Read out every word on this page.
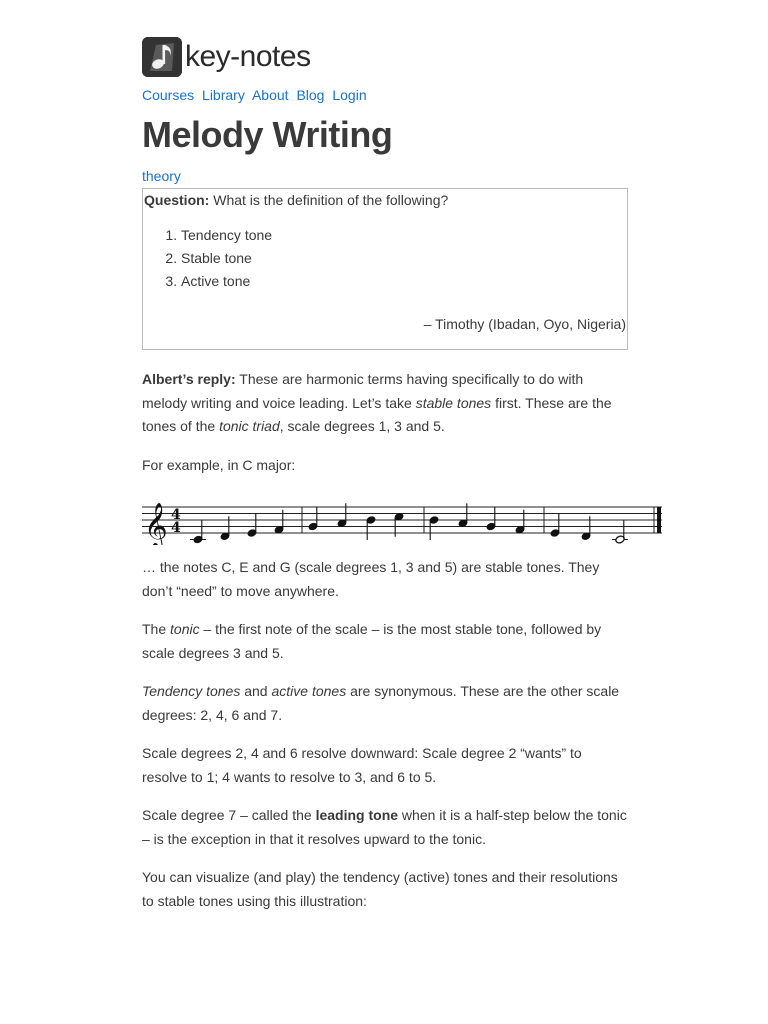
key-notes
Courses Library About Blog Login
Melody Writing
theory
Question: What is the definition of the following?
1. Tendency tone
2. Stable tone
3. Active tone
– Timothy (Ibadan, Oyo, Nigeria)

Albert’s reply: These are harmonic terms having specifically to do with melody writing and voice leading. Let’s take stable tones first. These are the tones of the tonic triad, scale degrees 1, 3 and 5.

For example, in C major:

𝄞 4
4

… the notes C, E and G (scale degrees 1, 3 and 5) are stable tones. They don’t “need” to move anywhere.

The tonic – the first note of the scale – is the most stable tone, followed by scale degrees 3 and 5.

Tendency tones and active tones are synonymous. These are the other scale degrees: 2, 4, 6 and 7.

Scale degrees 2, 4 and 6 resolve downward: Scale degree 2 “wants” to resolve to 1; 4 wants to resolve to 3, and 6 to 5.

Scale degree 7 – called the leading tone when it is a half-step below the tonic – is the exception in that it resolves upward to the tonic.

You can visualize (and play) the tendency (active) tones and their resolutions to stable tones using this illustration:
